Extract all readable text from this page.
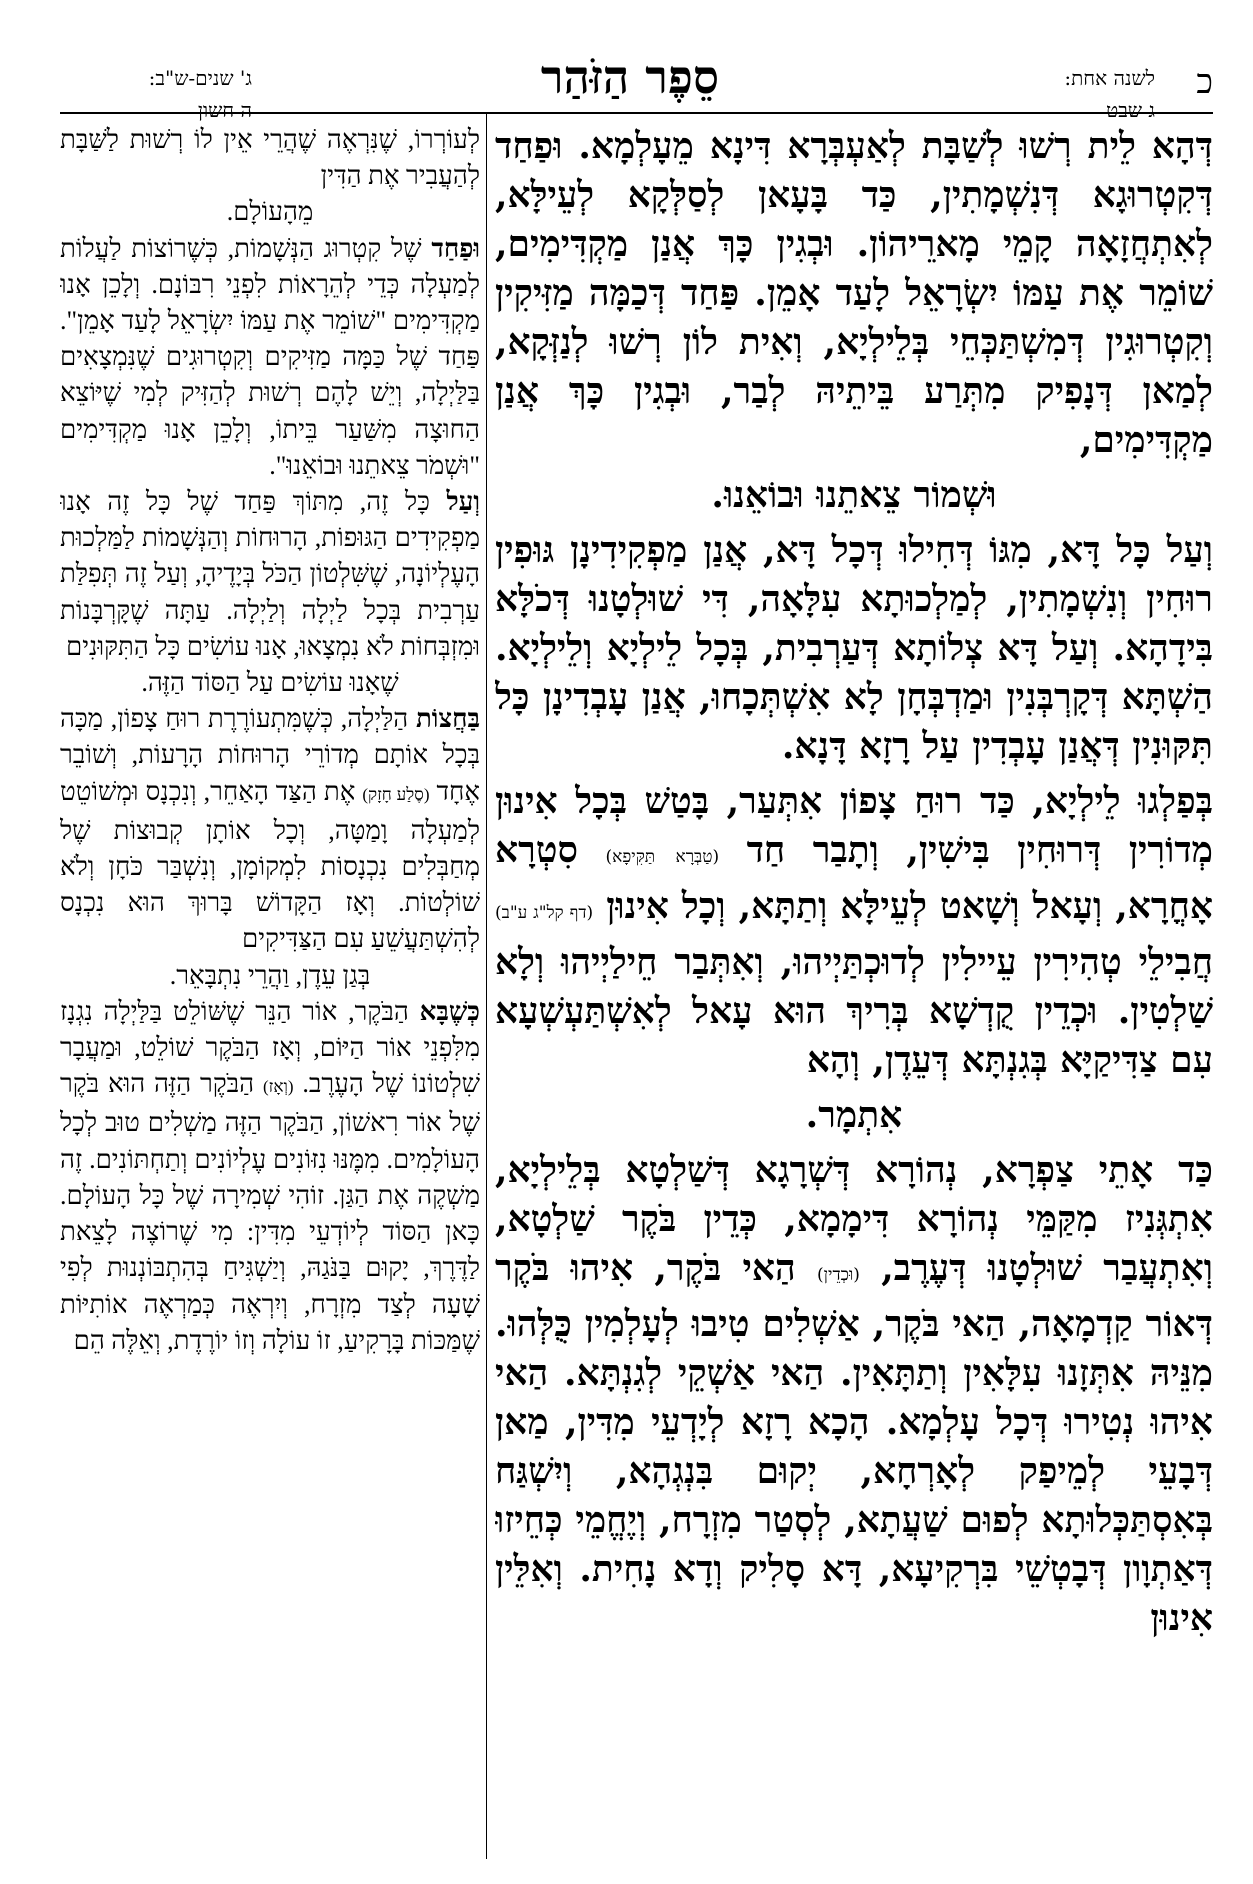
כ
לשנה אחת:
ג שבט
סֵפֶר הַזֹּהַר
ג' שנים-ש"ב:
ה חשון

דְּהָא לֵית רְשׁוּ לְשַׁבָּת לְאַעְבְּרָא דִּינָא מֵעָלְמָא. וּפַחַד דְּקִטְרוּגָא דְּנִשְׁמָתִין, כַּד בָּעָאן לְסַלְּקָא לְעֵילָּא, לְאִתְחֲזָאָה קָמֵי מָארֵיהוֹן. וּבְגִין כָּךְ אֲנַן מַקְדִּימִים, שׁוֹמֵר אֶת עַמּוֹ יִשְׂרָאֵל לָעַד אָמֵן. פַּחַד דְּכַמָּה מַזִּיקִין וְקִטְרוּגִין דְּמִשְׁתַּכְּחֵי בְּלֵילְיָא, וְאִית לוֹן רְשׁוּ לְנַזְּקָא, לְמַאן דְּנָפִיק מִתְּרַע בֵּיתֵיהּ לְבַר, וּבְגִין כָּךְ אֲנַן מַקְדִּימִים,

וּשְׁמוֹר צֵאתֵנוּ וּבוֹאֵנוּ.

וְעַל כָּל דָּא, מִגּוֹ דְּחִילוּ דְּכָל דָּא, אֲנַן מַפְקִידִינָן גּוּפִין רוּחִין וְנִשְׁמָתִין, לְמַלְכוּתָא עִלָּאָה, דִּי שׁוּלְטָנוּ דְּכֹלָּא בִּידָהָא. וְעַל דָּא צְלוֹתָא דְּעַרְבִית, בְּכָל לֵילְיָא וְלֵילְיָא. הַשְׁתָּא דְּקָרְבְּנִין וּמַדְבְּחָן לָא אִשְׁתְּכָחוּ, אֲנַן עָבְדִינָן כָּל תִּקּוּנִין דְּאֲנַן עָבְדִין עַל רָזָא דָּנָא.

בְּפַלְגוּ לֵילְיָא, כַּד רוּחַ צָפוֹן אִתְּעַר, בָּטַשׁ בְּכָל אִינוּן מְדוֹרִין דְּרוּחִין בִּישִׁין, וְתָבַר חַד (טַבְּרָא תַּקִּיפָא) סִטְרָא אָחֳרָא, וְעָאל וְשָׁאט לְעֵילָּא וְתַתָּא, וְכָל אִינוּן (דף קל"ג ע"ב) חֲבִילֵי טְהִירִין עֵיילִין לְדוּכְתַּיְיהוּ, וְאִתְּבַר חֵילַיְיהוּ וְלָא שַׁלְטִין. וּכְדֵין קֻדְשָׁא בְּרִיךְ הוּא עָאל לְאִשְׁתַּעְשְׁעָא עִם צַדִּיקַיָּא בְּגִנְתָּא דְּעֵדֶן, וְהָא

אִתְמָר.

כַּד אָתֵי צַפְרָא, נְהוֹרָא דְּשְׁרָגָא דְּשַׁלְטָא בְּלֵילְיָא, אִתְגְּנִיז מִקַּמֵּי נְהוֹרָא דִּימָמָא, כְּדֵין בֹּקֶר שַׁלְטָא, וְאִתְעֲבַר שׁוּלְטָנוּ דְּעֶרֶב, (וּכְדֵין) הַאי בֹּקֶר, אִיהוּ בֹּקֶר דְּאוֹר קַדְמָאָה, הַאי בֹּקֶר, אַשְׁלִים טִיבוּ לְעָלְמִין כֻּלְּהוּ. מִנֵּיהּ אִתְּזָנוּ עִלָּאִין וְתַתָּאִין. הַאי אַשְׁקֵי לְגִנְתָּא. הַאי אִיהוּ נְטִירוּ דְּכָל עָלְמָא. הָכָא רָזָא לְיָדְעֵי מִדִּין, מַאן דְּבָעֵי לְמֵיפַק לְאָרְחָא, יְקוּם בִּנְגְהָא, וְיִשְׁגַּח בְּאִסְתַּכְּלוּתָא לְפוּם שַׁעֲתָא, לְסְטַר מִזְרָח, וְיֶחֱמֵי כְּחֵיזוּ דְּאַתְוָון דְּבָטְשֵׁי בִּרְקִיעָא, דָּא סָלִיק וְדָא נָחִית. וְאִלֵּין אִינוּן

לְעוֹרְרוֹ, שֶׁנִּרְאֶה שֶׁהֲרֵי אֵין לוֹ רְשׁוּת לַשַּׁבָּת לְהַעֲבִיר אֶת הַדִּין

מֵהָעוֹלָם.

וּפַחַד שֶׁל קִטְרוּג הַנְּשָׁמוֹת, כְּשֶׁרוֹצוֹת לַעֲלוֹת לְמַעְלָה כְּדֵי לְהֵרָאוֹת לִפְנֵי רִבּוֹנָם. וְלָכֵן אָנוּ מַקְדִּימִים "שׁוֹמֵר אֶת עַמּוֹ יִשְׂרָאֵל לָעַד אָמֵן". פַּחַד שֶׁל כַּמָּה מַזִּיקִים וְקִטְרוּגִים שֶׁנִּמְצָאִים בַּלַּיְלָה, וְיֵשׁ לָהֶם רְשׁוּת לְהַזִּיק לְמִי שֶׁיּוֹצֵא הַחוּצָה מִשַּׁעַר בֵּיתוֹ, וְלָכֵן אָנוּ מַקְדִּימִים "וּשְׁמֹר צֵאתֵנוּ וּבוֹאֵנוּ".

וְעַל כָּל זֶה, מִתּוֹךְ פַּחַד שֶׁל כָּל זֶה אָנוּ מַפְקִידִים הַגּוּפוֹת, הָרוּחוֹת וְהַנְּשָׁמוֹת לַמַּלְכוּת הָעֶלְיוֹנָה, שֶׁשִּׁלְטוֹן הַכֹּל בְּיָדֶיהָ, וְעַל זֶה תְּפִלַּת עַרְבִית בְּכָל לַיְלָה וְלַיְלָה. עַתָּה שֶׁקָּרְבָּנוֹת וּמִזְבְּחוֹת לֹא נִמְצָאוּ, אָנוּ עוֹשִׂים כָּל הַתִּקּוּנִים

שֶׁאָנוּ עוֹשִׂים עַל הַסּוֹד הַזֶּה.

בַּחֲצוֹת הַלַּיְלָה, כְּשֶׁמִּתְעוֹרֶרֶת רוּחַ צָפוֹן, מַכָּה בְּכָל אוֹתָם מְדוֹרֵי הָרוּחוֹת הָרָעוֹת, וְשׁוֹבֵר אֶחָד (סֶלַע חָזָק) אֶת הַצַּד הָאַחֵר, וְנִכְנָס וּמְשׁוֹטֵט לְמַעְלָה וָמַטָּה, וְכָל אוֹתָן קְבוּצוֹת שֶׁל מְחַבְּלִים נִכְנָסוֹת לִמְקוֹמָן, וְנִשְׁבַּר כֹּחָן וְלֹא שׁוֹלְטוֹת. וְאָז הַקָּדוֹשׁ בָּרוּךְ הוּא נִכְנָס לְהִשְׁתַּעֲשֵׁעַ עִם הַצַּדִּיקִים

בְּגַן עֵדֶן, וַהֲרֵי נִתְבָּאֵר.

כְּשֶׁבָּא הַבֹּקֶר, אוֹר הַנֵּר שֶׁשּׁוֹלֵט בַּלַּיְלָה נִגְנָז מִלִּפְנֵי אוֹר הַיּוֹם, וְאָז הַבֹּקֶר שׁוֹלֵט, וּמַעֲבָר שִׁלְטוֹנוֹ שֶׁל הָעֶרֶב. (וְאָז) הַבֹּקֶר הַזֶּה הוּא בֹּקֶר שֶׁל אוֹר רִאשׁוֹן, הַבֹּקֶר הַזֶּה מַשְׁלִים טוּב לְכָל הָעוֹלָמִים. מִמֶּנּוּ נִזּוֹנִים עֶלְיוֹנִים וְתַחְתּוֹנִים. זֶה מַשְׁקֶה אֶת הַגַּן. זוֹהִי שְׁמִירָה שֶׁל כָּל הָעוֹלָם. כָּאן הַסּוֹד לְיוֹדְעֵי מִדִּין: מִי שֶׁרוֹצֶה לָצֵאת לַדֶּרֶךְ, יָקוּם בַּנֹּגַהּ, וְיַשְׁגִּיחַ בְּהִתְבּוֹנְנוּת לְפִי שָׁעָה לְצַד מִזְרָח, וְיִרְאֶה כְּמַרְאֶה אוֹתִיּוֹת שֶׁמַּכּוֹת בָּרָקִיעַ, זוֹ עוֹלָה וְזוֹ יוֹרֶדֶת, וְאֵלֶּה הֵם
